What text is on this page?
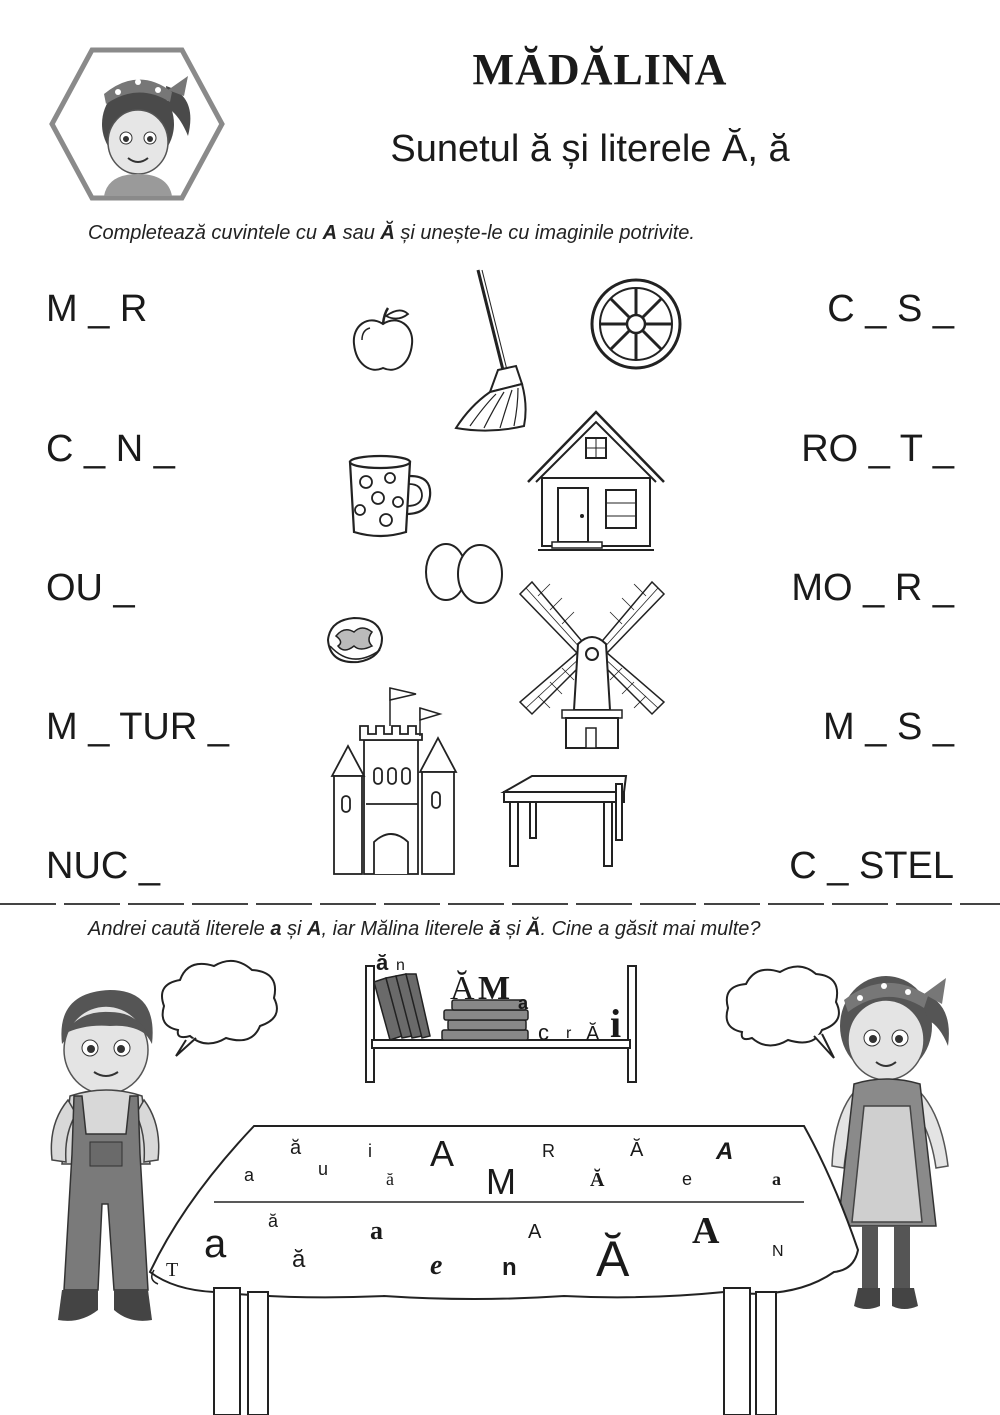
MĂDĂLINA
Sunetul ă și literele Ă, ă
Completează cuvintele cu A sau Ă și unește-le cu imaginile potrivite.
M _ R
C _ N _
OU _
M _ TUR _
NUC _
C _ S _
RO _ T _
MO _ R _
M _ S _
C _ STEL
Andrei caută literele a și A, iar Mălina literele ă și Ă. Cine a găsit mai multe?
ă n
Ă M a
c r Ă i
ă	i A	R	Ă	A
a	u	ă	M	Ă	e	a
ă
a	a	A	A
T	ă	e n Ă	N
